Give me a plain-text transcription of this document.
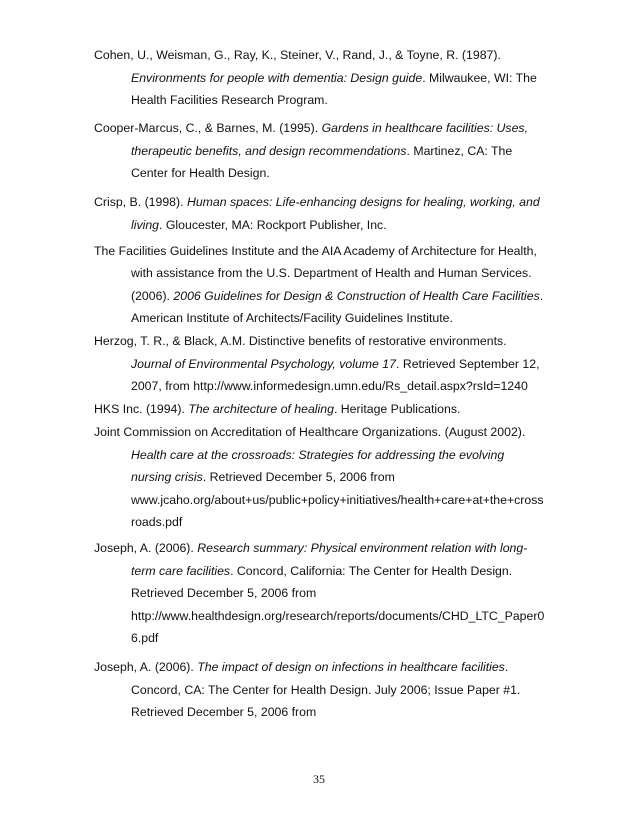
Cohen, U., Weisman, G., Ray, K., Steiner, V., Rand, J., & Toyne, R. (1987).
Environments for people with dementia: Design guide. Milwaukee, WI: The
Health Facilities Research Program.
Cooper-Marcus, C., & Barnes, M. (1995). Gardens in healthcare facilities: Uses,
therapeutic benefits, and design recommendations. Martinez, CA: The
Center for Health Design.
Crisp, B. (1998). Human spaces: Life-enhancing designs for healing, working, and
living. Gloucester, MA: Rockport Publisher, Inc.
The Facilities Guidelines Institute and the AIA Academy of Architecture for Health,
with assistance from the U.S. Department of Health and Human Services.
(2006). 2006 Guidelines for Design & Construction of Health Care Facilities.
American Institute of Architects/Facility Guidelines Institute.
Herzog, T. R., & Black, A.M. Distinctive benefits of restorative environments.
Journal of Environmental Psychology, volume 17. Retrieved September 12,
2007, from http://www.informedesign.umn.edu/Rs_detail.aspx?rsId=1240
HKS Inc. (1994). The architecture of healing. Heritage Publications.
Joint Commission on Accreditation of Healthcare Organizations. (August 2002).
Health care at the crossroads: Strategies for addressing the evolving
nursing crisis. Retrieved December 5, 2006 from
www.jcaho.org/about+us/public+policy+initiatives/health+care+at+the+cross
roads.pdf
Joseph, A. (2006). Research summary: Physical environment relation with long-
term care facilities. Concord, California: The Center for Health Design.
Retrieved December 5, 2006 from
http://www.healthdesign.org/research/reports/documents/CHD_LTC_Paper0
6.pdf
Joseph, A. (2006). The impact of design on infections in healthcare facilities.
Concord, CA: The Center for Health Design. July 2006; Issue Paper #1.
Retrieved December 5, 2006 from
35
